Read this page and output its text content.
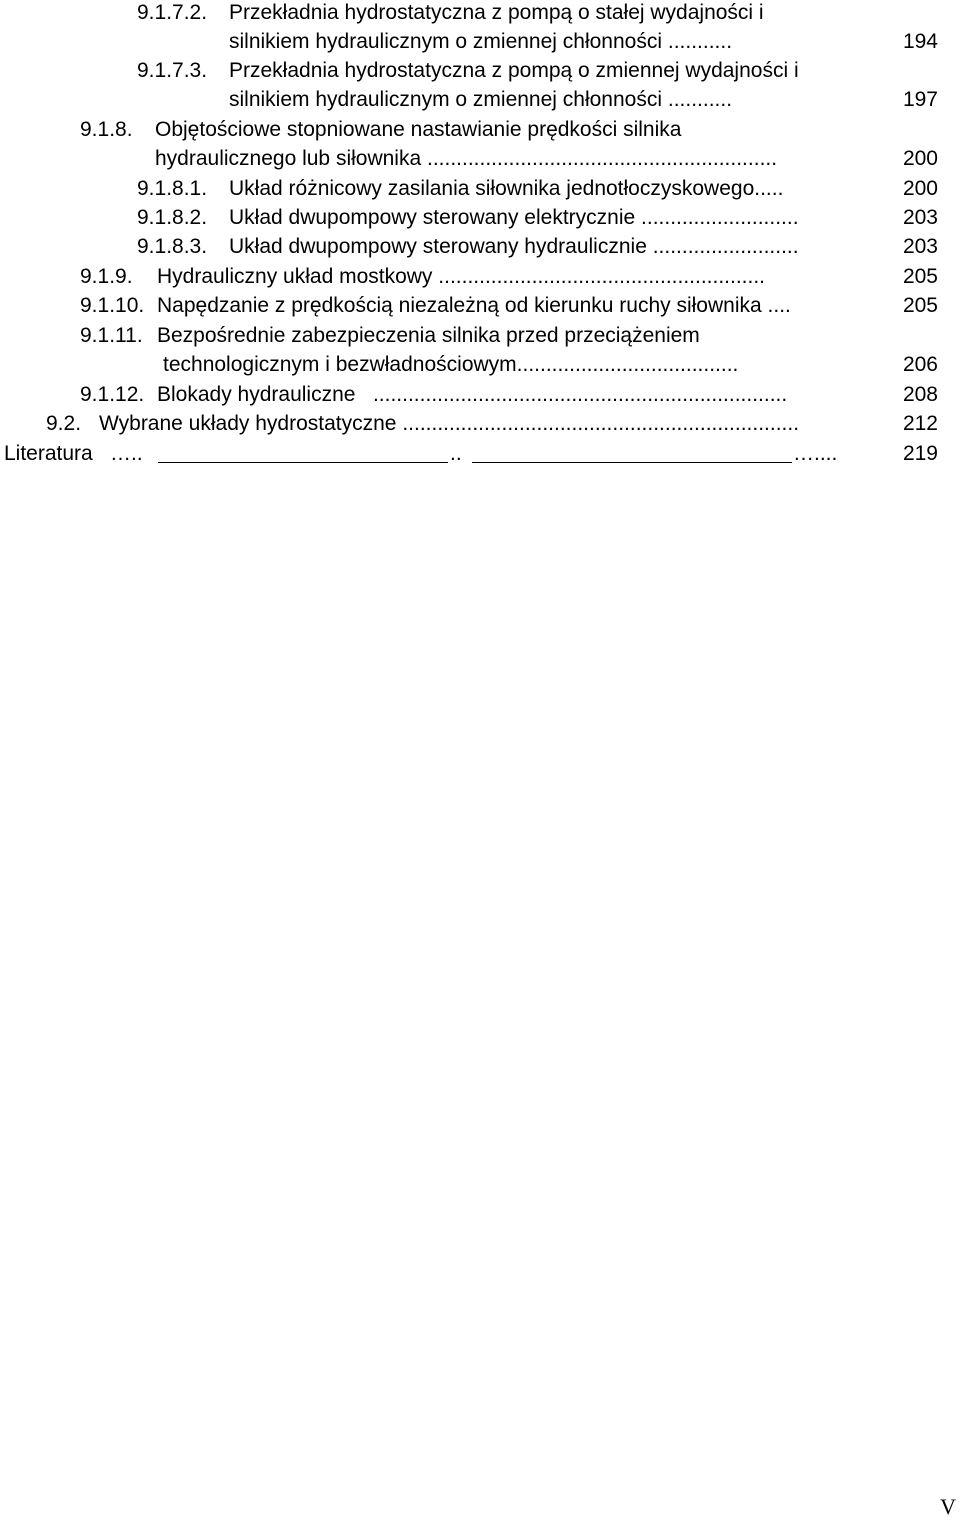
9.1.7.2. Przekładnia hydrostatyczna z pompą o stałej wydajności i
silnikiem hydraulicznym o zmiennej chłonności ...........	194
9.1.7.3. Przekładnia hydrostatyczna z pompą o zmiennej wydajności i
silnikiem hydraulicznym o zmiennej chłonności ...........	197
9.1.8. Objętościowe stopniowane nastawianie prędkości silnika
hydraulicznego lub siłownika ............................................................	200
9.1.8.1. Układ różnicowy zasilania siłownika jednotłoczyskowego.....	200
9.1.8.2. Układ dwupompowy sterowany elektrycznie ...........................	203
9.1.8.3. Układ dwupompowy sterowany hydraulicznie .........................	203
9.1.9. Hydrauliczny układ mostkowy ........................................................	205
9.1.10. Napędzanie z prędkością niezależną od kierunku ruchy siłownika ....	205
9.1.11. Bezpośrednie zabezpieczenia silnika przed przeciążeniem
technologicznym i bezwładnościowym......................................	206
9.1.12. Blokady hydrauliczne .......................................................................	208
9.2. Wybrane układy hydrostatyczne ....................................................................	212
Literatura …..	..	…....	219
V
